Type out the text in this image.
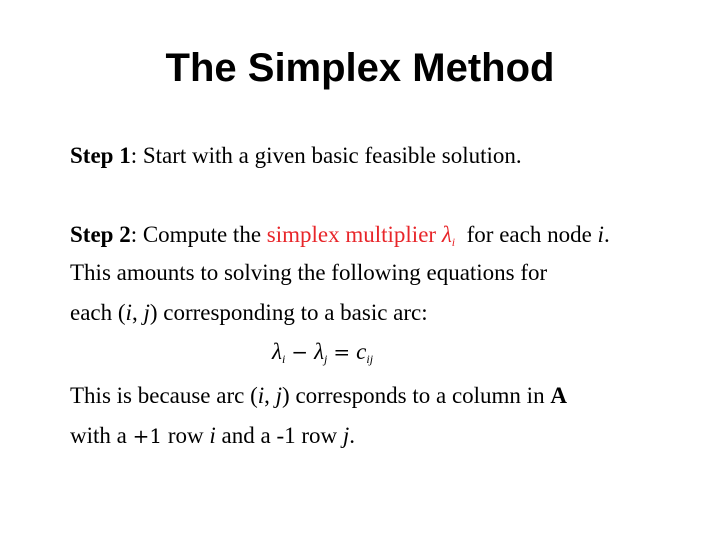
The Simplex Method
Step 1: Start with a given basic feasible solution.
Step 2: Compute the simplex multiplier $\lambda_i$ for each node i.
This amounts to solving the following equations for
each (i, j) corresponding to a basic arc:
$\lambda_i - \lambda_j = c_{ij}$
This is because arc (i, j) corresponds to a column in A
with a +1 row i and a -1 row j.
